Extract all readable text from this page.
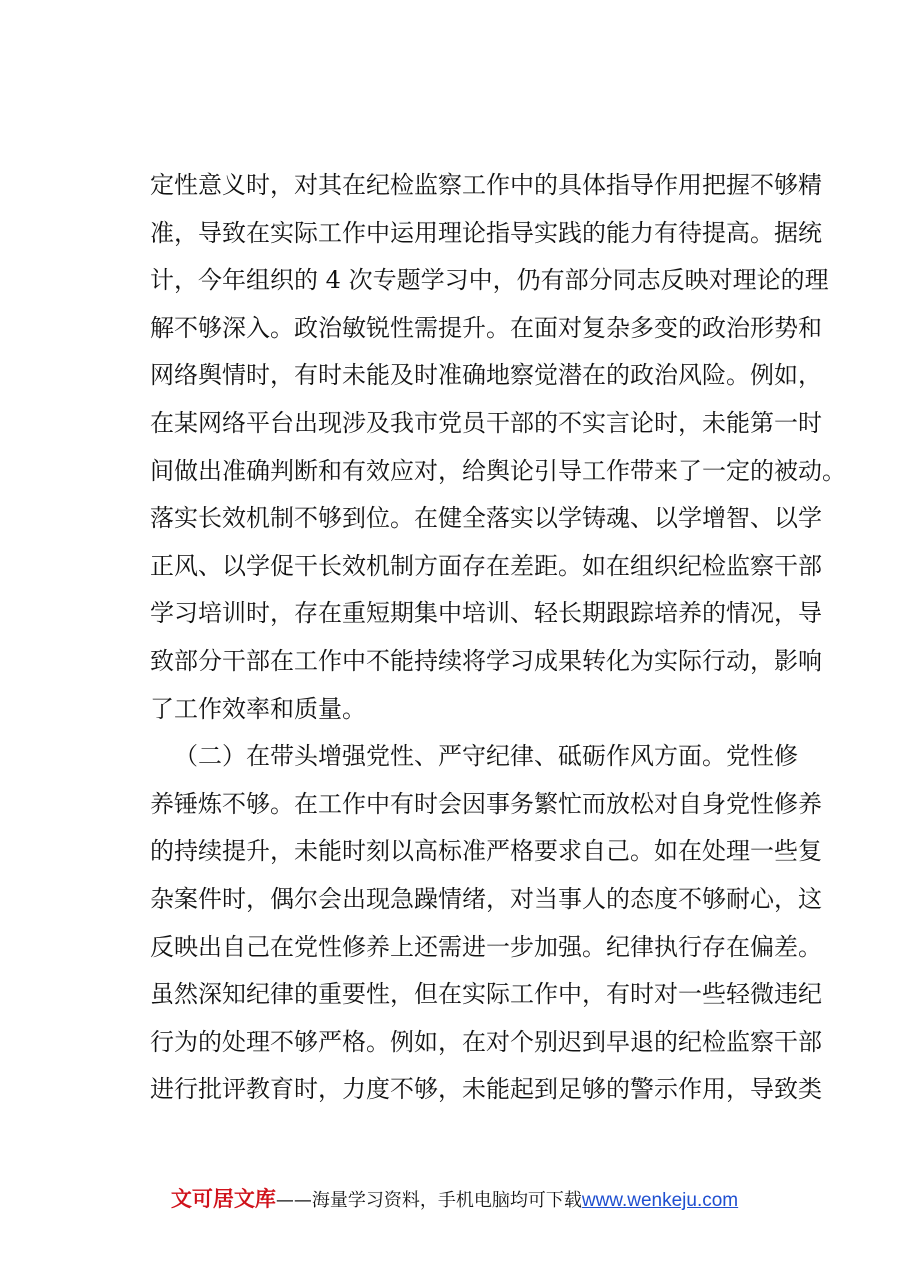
定 性 意 义 时 ， 对 其 在 纪 检 监 察 工 作 中 的 具 体 指 导 作 用 把 握 不 够 精
准 ， 导 致 在 实 际 工 作 中 运 用 理 论 指 导 实 践 的 能 力 有 待 提 高 。 据 统
计 ， 今 年 组 织 的
4
次 专 题 学 习 中 ， 仍 有 部 分 同 志 反 映 对 理 论 的 理
解 不 够 深 入 。 政 治 敏 锐 性 需 提 升 。 在 面 对 复 杂 多 变 的 政 治 形 势 和
网 络 舆 情 时 ， 有 时 未 能 及 时 准 确 地 察 觉 潜 在 的 政 治 风 险 。 例 如 ，
在 某 网 络 平 台 出 现 涉 及 我 市 党 员 干 部 的 不 实 言 论 时 ， 未 能 第 一 时
间 做 出 准 确 判 断 和 有 效 应 对 ， 给 舆 论 引 导 工 作 带 来 了 一 定 的 被 动 。
落 实 长 效 机 制 不 够 到 位 。 在 健 全 落 实 以 学 铸 魂 、 以 学 增 智 、 以 学
正 风 、 以 学 促 干 长 效 机 制 方 面 存 在 差 距 。 如 在 组 织 纪 检 监 察 干 部
学 习 培 训 时 ， 存 在 重 短 期 集 中 培 训 、 轻 长 期 跟 踪 培 养 的 情 况 ， 导
致 部 分 干 部 在 工 作 中 不 能 持 续 将 学 习 成 果 转 化 为 实 际 行 动 ， 影 响
了工作效率和质量。
（ 二 ） 在 带 头 增 强 党 性 、 严 守 纪 律 、 砥 砺 作 风 方 面 。 党 性 修
养 锤 炼 不 够 。 在 工 作 中 有 时 会 因 事 务 繁 忙 而 放 松 对 自 身 党 性 修 养
的 持 续 提 升 ， 未 能 时 刻 以 高 标 准 严 格 要 求 自 己 。 如 在 处 理 一 些 复
杂 案 件 时 ， 偶 尔 会 出 现 急 躁 情 绪 ， 对 当 事 人 的 态 度 不 够 耐 心 ， 这
反 映 出 自 己 在 党 性 修 养 上 还 需 进 一 步 加 强 。 纪 律 执 行 存 在 偏 差 。
虽 然 深 知 纪 律 的 重 要 性 ， 但 在 实 际 工 作 中 ， 有 时 对 一 些 轻 微 违 纪
行 为 的 处 理 不 够 严 格 。 例 如 ， 在 对 个 别 迟 到 早 退 的 纪 检 监 察 干 部
进 行 批 评 教 育 时 ， 力 度 不 够 ， 未 能 起 到 足 够 的 警 示 作 用 ， 导 致 类
文可居文库——海量学习资料，手机电脑均可下载www.wenkeju.com
